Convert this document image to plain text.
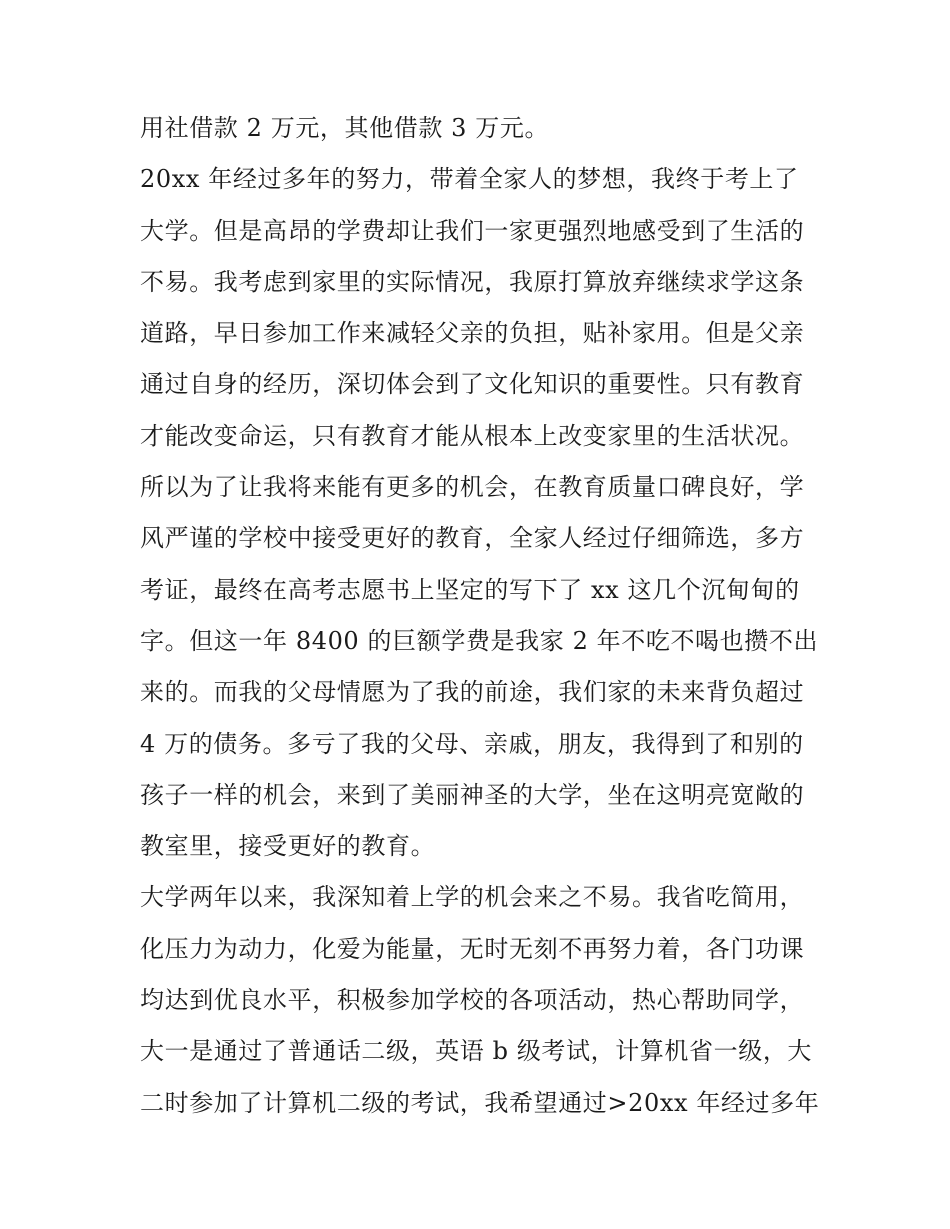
用社借款 2 万元，其他借款 3 万元。
20xx 年经过多年的努力，带着全家人的梦想，我终于考上了
大学。但是高昂的学费却让我们一家更强烈地感受到了生活的
不易。我考虑到家里的实际情况，我原打算放弃继续求学这条
道路，早日参加工作来减轻父亲的负担，贴补家用。但是父亲
通过自身的经历，深切体会到了文化知识的重要性。只有教育
才能改变命运，只有教育才能从根本上改变家里的生活状况。
所以为了让我将来能有更多的机会，在教育质量口碑良好，学
风严谨的学校中接受更好的教育，全家人经过仔细筛选，多方
考证，最终在高考志愿书上坚定的写下了 xx 这几个沉甸甸的
字。但这一年 8400 的巨额学费是我家 2 年不吃不喝也攒不出
来的。而我的父母情愿为了我的前途，我们家的未来背负超过
4 万的债务。多亏了我的父母、亲戚，朋友，我得到了和别的
孩子一样的机会，来到了美丽神圣的大学，坐在这明亮宽敞的
教室里，接受更好的教育。
大学两年以来，我深知着上学的机会来之不易。我省吃简用，
化压力为动力，化爱为能量，无时无刻不再努力着，各门功课
均达到优良水平，积极参加学校的各项活动，热心帮助同学，
大一是通过了普通话二级，英语 b 级考试，计算机省一级，大
二时参加了计算机二级的考试，我希望通过>20xx 年经过多年
